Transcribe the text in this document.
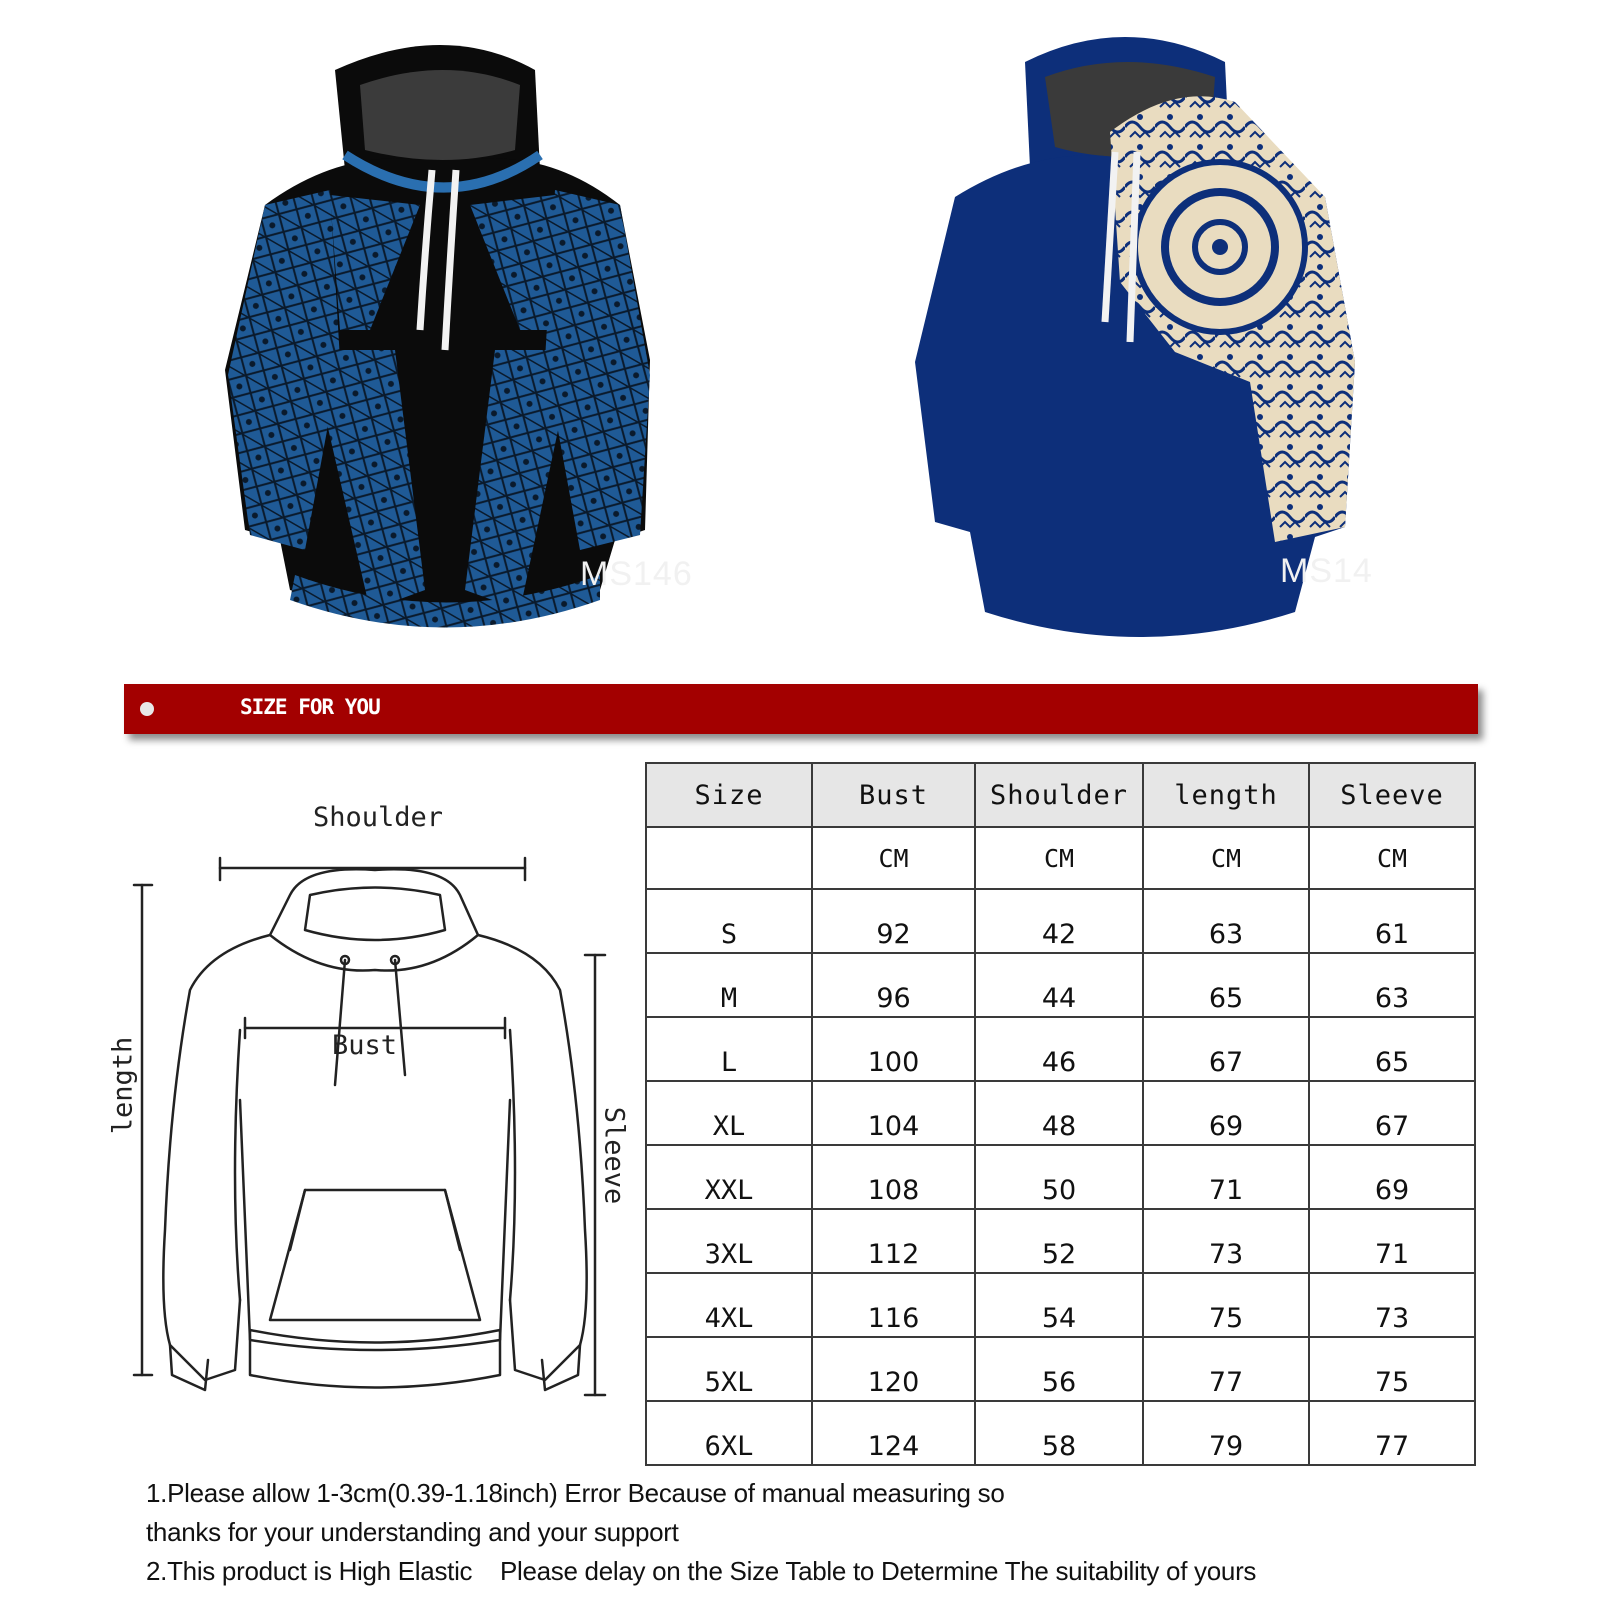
MS146	MS14
SIZE FOR YOU
Shoulder
Bust
length
Sleeve
Size	Bust	Shoulder	length	Sleeve
	CM	CM	CM	CM
S	92	42	63	61
M	96	44	65	63
L	100	46	67	65
XL	104	48	69	67
XXL	108	50	71	69
3XL	112	52	73	71
4XL	116	54	75	73
5XL	120	56	77	75
6XL	124	58	79	77
1.Please allow 1-3cm(0.39-1.18inch) Error Because of manual measuring so
thanks for your understanding and your support
2.This product is High Elastic    Please delay on the Size Table to Determine The suitability of yours
